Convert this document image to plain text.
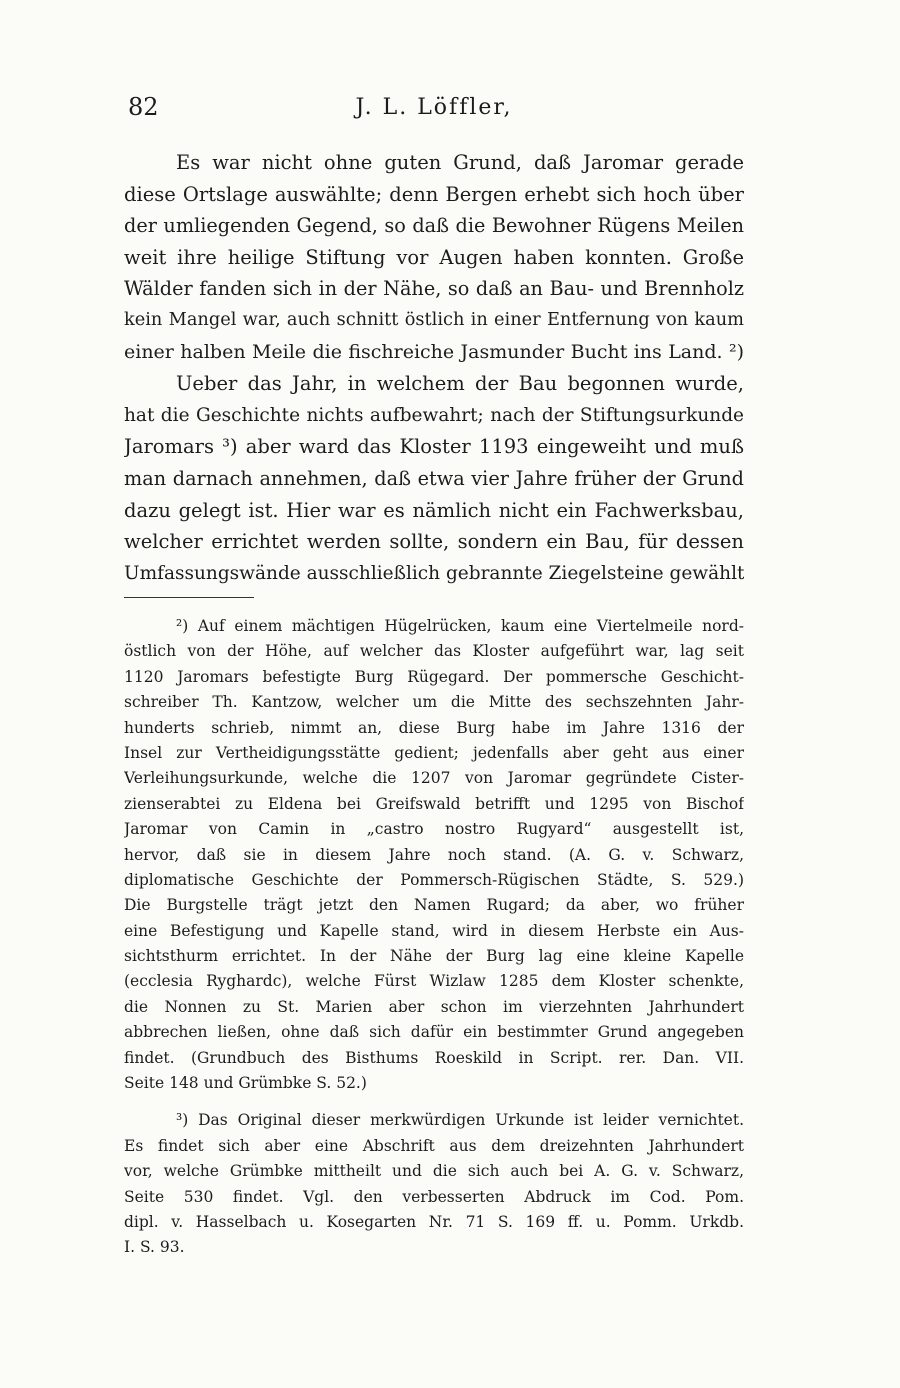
82	J. L. Löffler,
Es war nicht ohne guten Grund, daß Jaromar gerade
diese Ortslage auswählte; denn Bergen erhebt sich hoch über
der umliegenden Gegend, so daß die Bewohner Rügens Meilen
weit ihre heilige Stiftung vor Augen haben konnten. Große
Wälder fanden sich in der Nähe, so daß an Bau- und Brennholz
kein Mangel war, auch schnitt östlich in einer Entfernung von kaum
einer halben Meile die fischreiche Jasmunder Bucht ins Land. ²)
Ueber das Jahr, in welchem der Bau begonnen wurde,
hat die Geschichte nichts aufbewahrt; nach der Stiftungsurkunde
Jaromars ³) aber ward das Kloster 1193 eingeweiht und muß
man darnach annehmen, daß etwa vier Jahre früher der Grund
dazu gelegt ist. Hier war es nämlich nicht ein Fachwerksbau,
welcher errichtet werden sollte, sondern ein Bau, für dessen
Umfassungswände ausschließlich gebrannte Ziegelsteine gewählt
²) Auf einem mächtigen Hügelrücken, kaum eine Viertelmeile nord-
östlich von der Höhe, auf welcher das Kloster aufgeführt war, lag seit
1120 Jaromars befestigte Burg Rügegard. Der pommersche Geschicht-
schreiber Th. Kantzow, welcher um die Mitte des sechszehnten Jahr-
hunderts schrieb, nimmt an, diese Burg habe im Jahre 1316 der
Insel zur Vertheidigungsstätte gedient; jedenfalls aber geht aus einer
Verleihungsurkunde, welche die 1207 von Jaromar gegründete Cister-
zienserabtei zu Eldena bei Greifswald betrifft und 1295 von Bischof
Jaromar von Camin in „castro nostro Rugyard“ ausgestellt ist,
hervor, daß sie in diesem Jahre noch stand. (A. G. v. Schwarz,
diplomatische Geschichte der Pommersch-Rügischen Städte, S. 529.)
Die Burgstelle trägt jetzt den Namen Rugard; da aber, wo früher
eine Befestigung und Kapelle stand, wird in diesem Herbste ein Aus-
sichtsthurm errichtet. In der Nähe der Burg lag eine kleine Kapelle
(ecclesia Ryghardc), welche Fürst Wizlaw 1285 dem Kloster schenkte,
die Nonnen zu St. Marien aber schon im vierzehnten Jahrhundert
abbrechen ließen, ohne daß sich dafür ein bestimmter Grund angegeben
findet. (Grundbuch des Bisthums Roeskild in Script. rer. Dan. VII.
Seite 148 und Grümbke S. 52.)
³) Das Original dieser merkwürdigen Urkunde ist leider vernichtet.
Es findet sich aber eine Abschrift aus dem dreizehnten Jahrhundert
vor, welche Grümbke mittheilt und die sich auch bei A. G. v. Schwarz,
Seite 530 findet. Vgl. den verbesserten Abdruck im Cod. Pom.
dipl. v. Hasselbach u. Kosegarten Nr. 71 S. 169 ff. u. Pomm. Urkdb.
I. S. 93.
